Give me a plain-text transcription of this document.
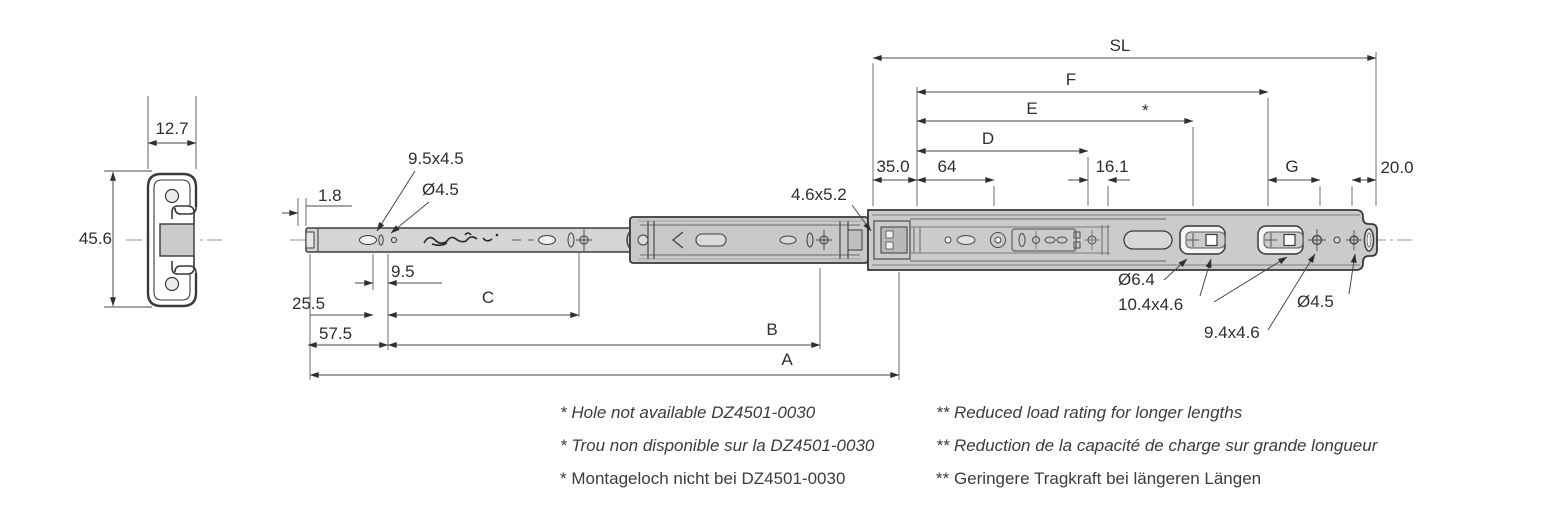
12.7
45.6
SL
F
E	*
D
35.0	64	16.1	G	20.0
1.8
9.5x4.5
Ø4.5	4.6x5.2
9.5
25.5	C
57.5	B
A
Ø6.4
10.4x4.6
9.4x4.6
Ø4.5
* Hole not available DZ4501-0030
* Trou non disponible sur la DZ4501-0030
* Montageloch nicht bei DZ4501-0030
** Reduced load rating for longer lengths
** Reduction de la capacité de charge sur grande longueur
** Geringere Tragkraft bei längeren Längen
